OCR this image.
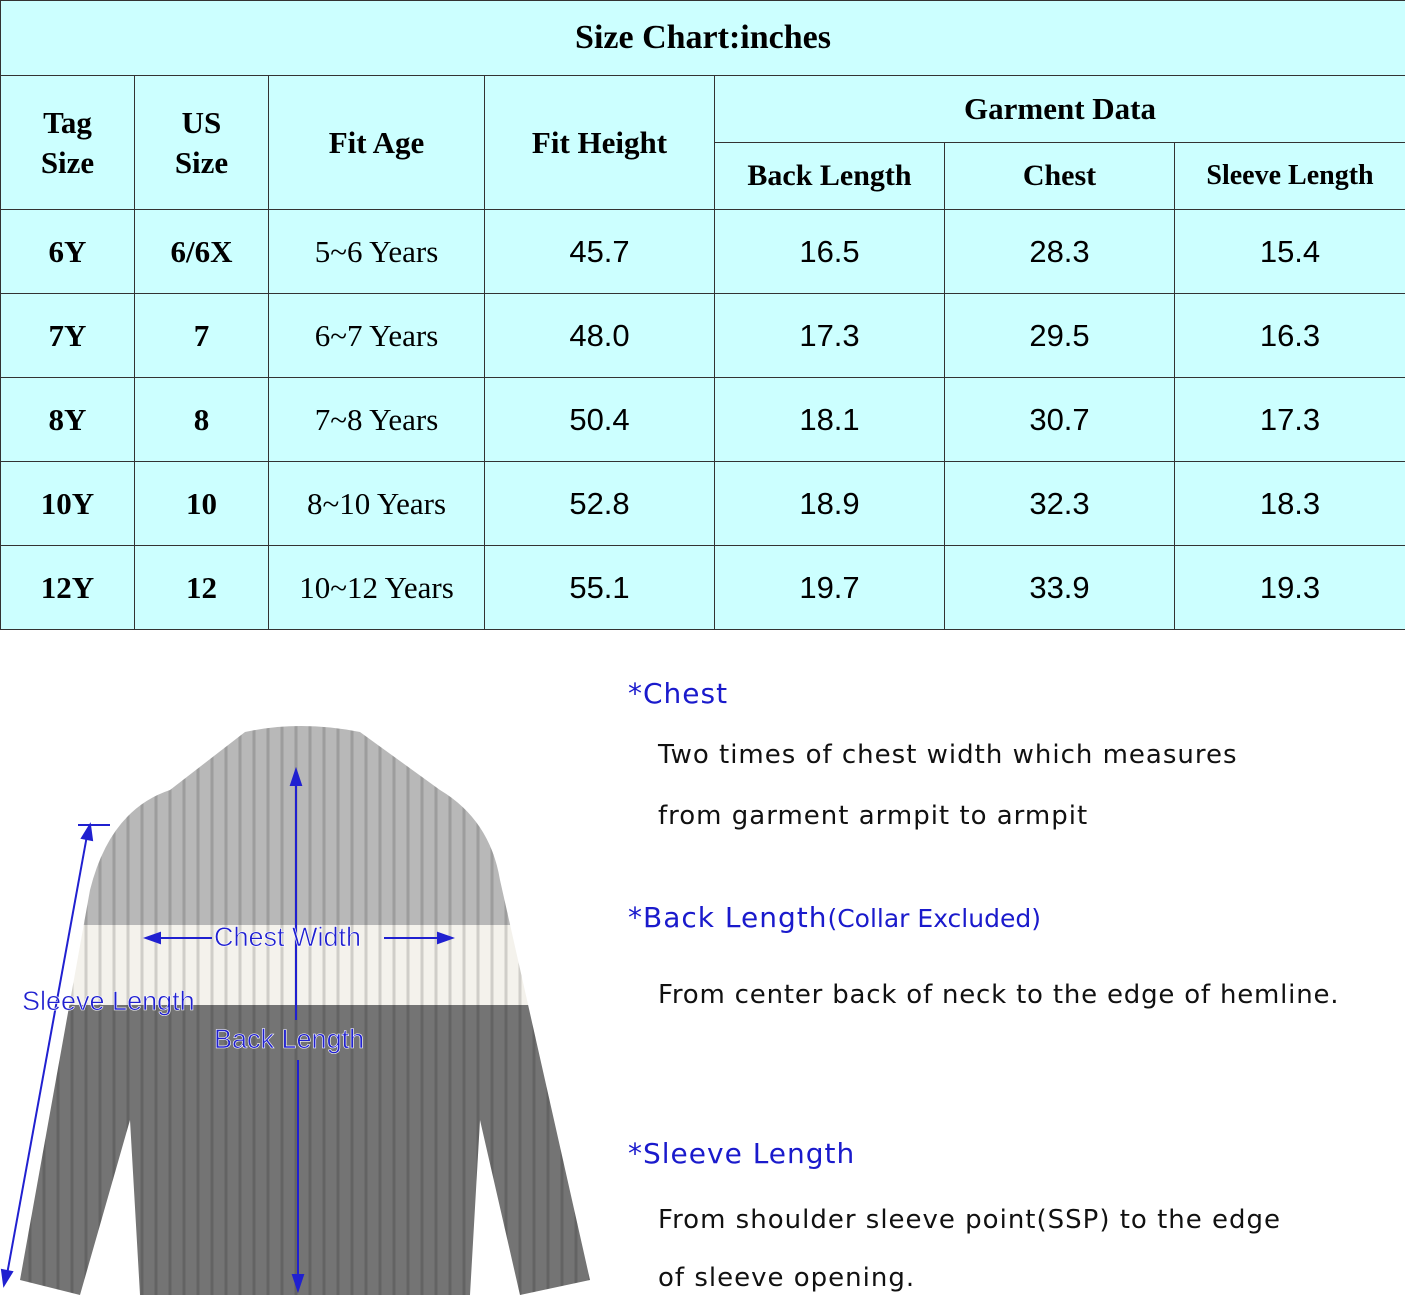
Size Chart:inches						
Tag Size	US Size	Fit Age	Fit Height	Garment Data		
				Back Length	Chest	Sleeve Length
6Y	6/6X	5~6 Years	45.7	16.5	28.3	15.4
7Y	7	6~7 Years	48.0	17.3	29.5	16.3
8Y	8	7~8 Years	50.4	18.1	30.7	17.3
10Y	10	8~10 Years	52.8	18.9	32.3	18.3
12Y	12	10~12 Years	55.1	19.7	33.9	19.3
Chest Width
Sleeve Length
Back Length
*Chest
Two times of chest width which measures
from garment armpit to armpit
*Back Length(Collar Excluded)
From center back of neck to the edge of hemline.
*Sleeve Length
From shoulder sleeve point(SSP) to the edge
of sleeve opening.
